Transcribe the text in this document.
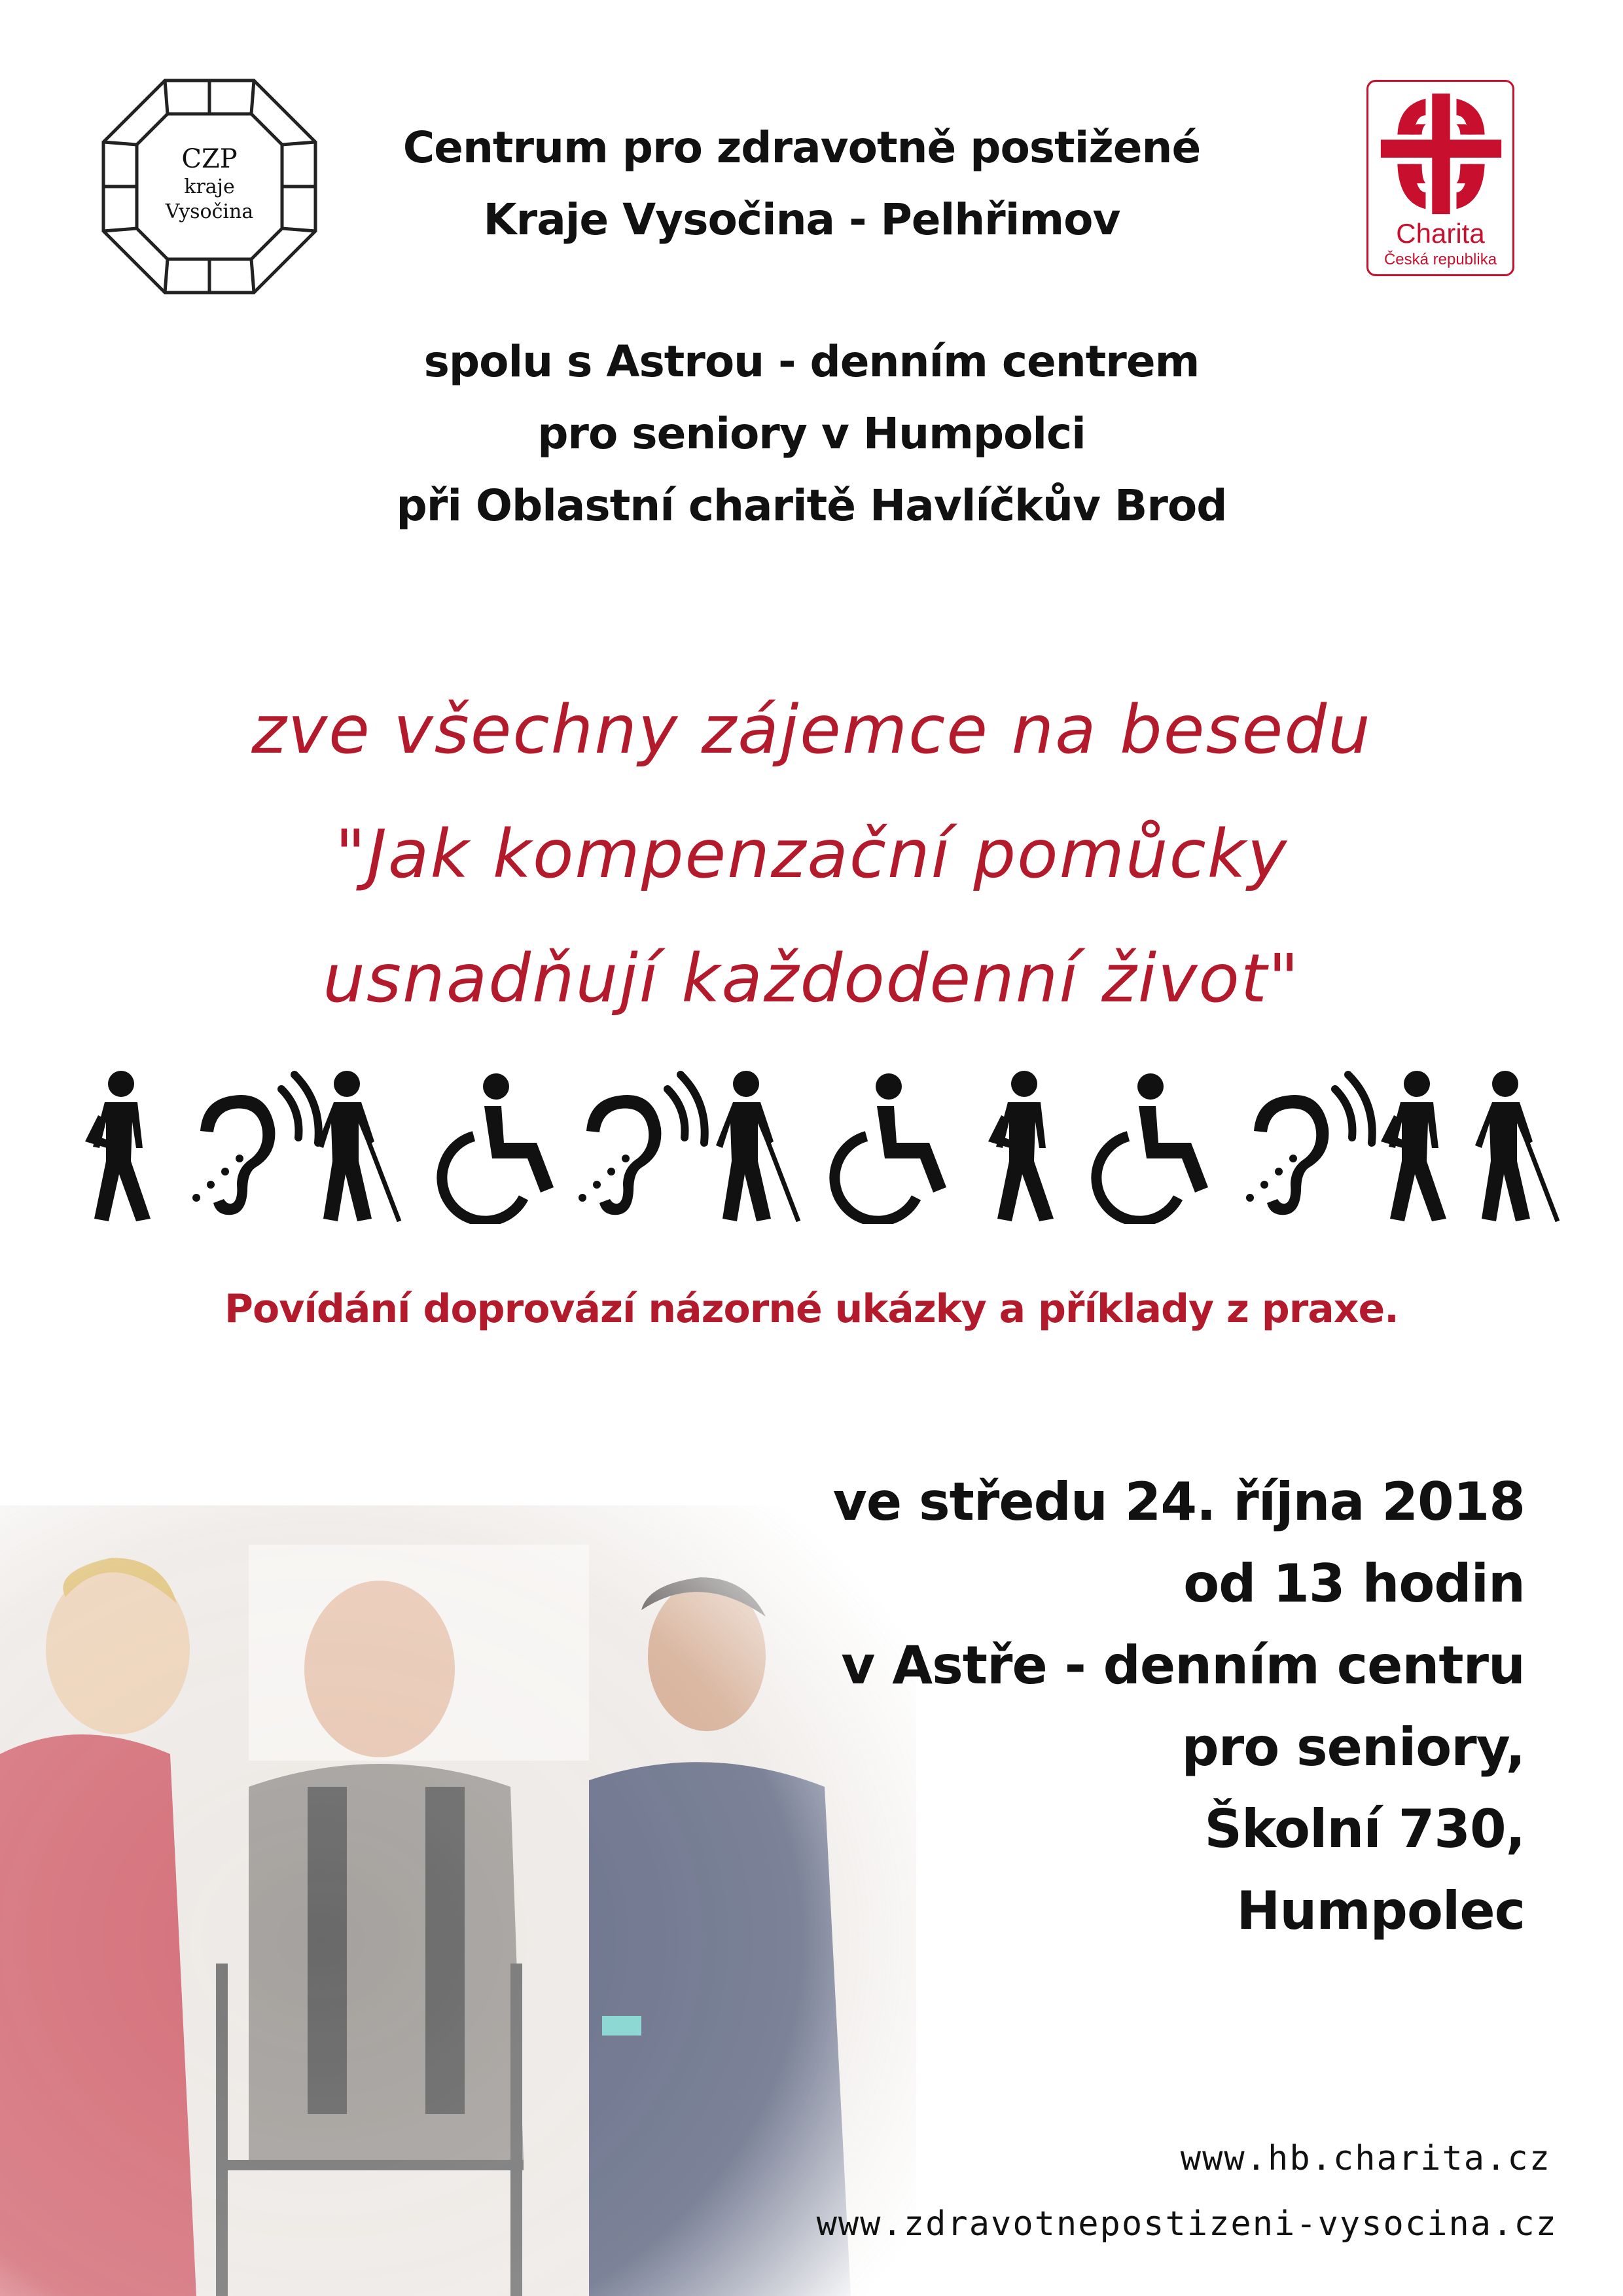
CZP
kraje
Vysočina
Centrum pro zdravotně postižené
Kraje Vysočina - Pelhřimov	Charita
Česká republika
spolu s Astrou - denním centrem
pro seniory v Humpolci
při Oblastní charitě Havlíčkův Brod
zve všechny zájemce na besedu
"Jak kompenzační pomůcky
usnadňují každodenní život"
Povídání doprovází názorné ukázky a příklady z praxe.
ve středu 24. října 2018
od 13 hodin
v Astře - denním centru
pro seniory,
Školní 730,
Humpolec
www.hb.charita.cz
www.zdravotnepostizeni-vysocina.cz
